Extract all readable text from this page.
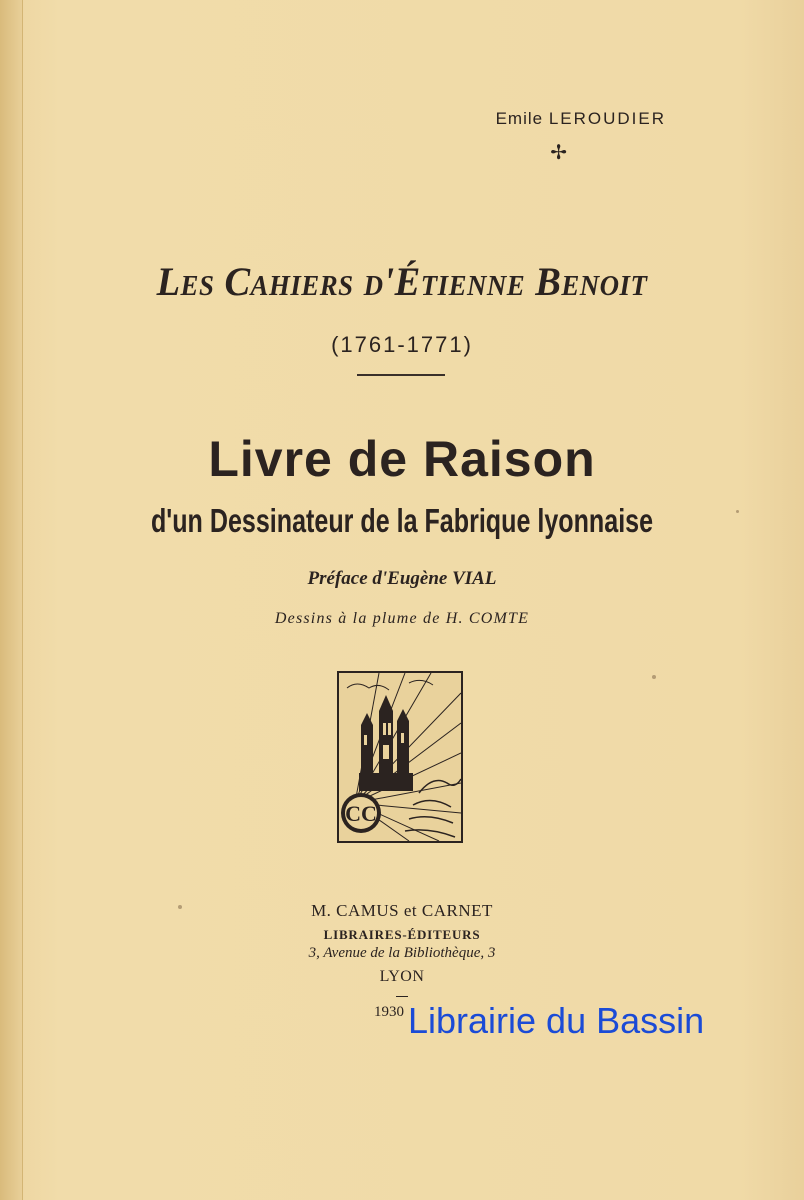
Emile LEROUDIER
✢
Les Cahiers d'Étienne Benoit
(1761-1771)
Livre de Raison
d'un Dessinateur de la Fabrique lyonnaise
Préface d'Eugène VIAL
Dessins à la plume de H. COMTE
CC
M. CAMUS et CARNET
LIBRAIRES-ÉDITEURS
3, Avenue de la Bibliothèque, 3
LYON
1930 Librairie du Bassin
